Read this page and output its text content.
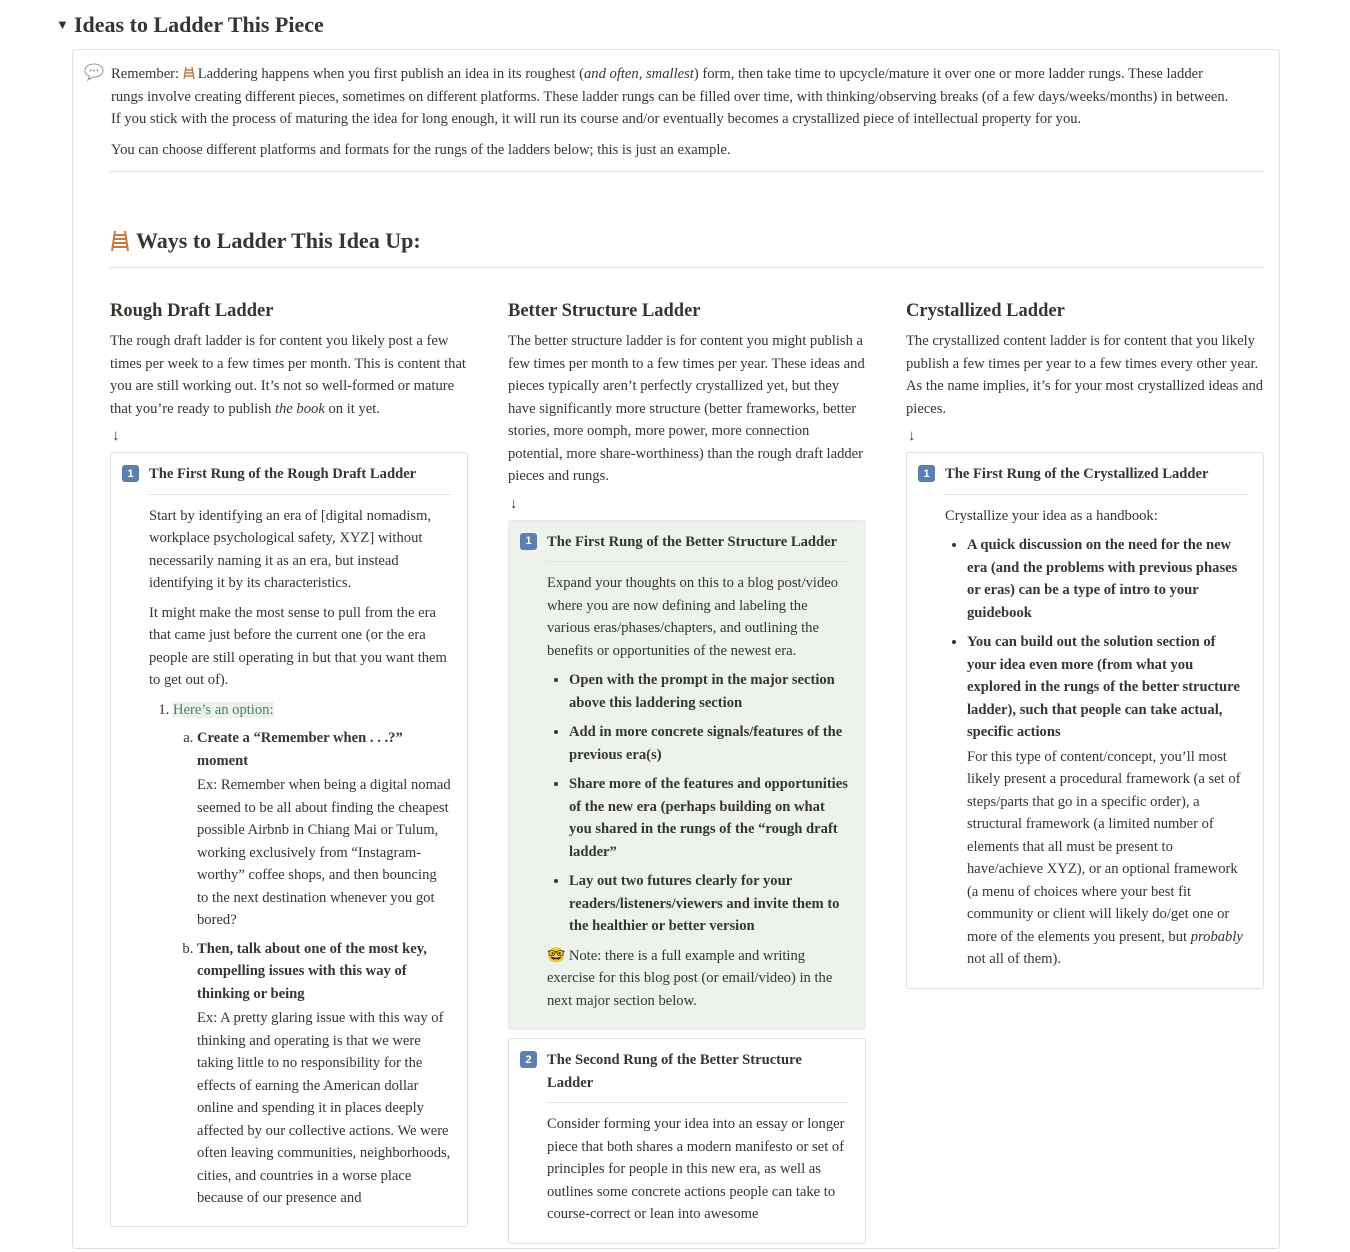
▼ Ideas to Ladder This Piece

Remember: Laddering happens when you first publish an idea in its roughest (and often, smallest) form, then take time to upcycle/mature it over one or more ladder rungs. These ladder rungs involve creating different pieces, sometimes on different platforms. These ladder rungs can be filled over time, with thinking/observing breaks (of a few days/weeks/months) in between. If you stick with the process of maturing the idea for long enough, it will run its course and/or eventually becomes a crystallized piece of intellectual property for you.

You can choose different platforms and formats for the rungs of the ladders below; this is just an example.

Ways to Ladder This Idea Up:
Rough Draft Ladder

The rough draft ladder is for content you likely post a few times per week to a few times per month. This is content that you are still working out. It’s not so well-formed or mature that you’re ready to publish the book on it yet.

↓
1	The First Rung of the Rough Draft Ladder

Start by identifying an era of [digital nomadism, workplace psychological safety, XYZ] without necessarily naming it as an era, but instead identifying it by its characteristics.

It might make the most sense to pull from the era that came just before the current one (or the era people are still operating in but that you want them to get out of).

1. Here’s an option:
a. Create a “Remember when . . .?” moment
Ex: Remember when being a digital nomad seemed to be all about finding the cheapest possible Airbnb in Chiang Mai or Tulum, working exclusively from “Instagram-worthy” coffee shops, and then bouncing to the next destination whenever you got bored?
b. Then, talk about one of the most key, compelling issues with this way of thinking or being
Ex: A pretty glaring issue with this way of thinking and operating is that we were taking little to no responsibility for the effects of earning the American dollar online and spending it in places deeply affected by our collective actions. We were often leaving communities, neighborhoods, cities, and countries in a worse place because of our presence and
Better Structure Ladder

The better structure ladder is for content you might publish a few times per month to a few times per year. These ideas and pieces typically aren’t perfectly crystallized yet, but they have significantly more structure (better frameworks, better stories, more oomph, more power, more connection potential, more share-worthiness) than the rough draft ladder pieces and rungs.

↓
1	The First Rung of the Better Structure Ladder

Expand your thoughts on this to a blog post/video where you are now defining and labeling the various eras/phases/chapters, and outlining the benefits or opportunities of the newest era.

• Open with the prompt in the major section above this laddering section
• Add in more concrete signals/features of the previous era(s)
• Share more of the features and opportunities of the new era (perhaps building on what you shared in the rungs of the “rough draft ladder”
• Lay out two futures clearly for your readers/listeners/viewers and invite them to the healthier or better version

🤓 Note: there is a full example and writing exercise for this blog post (or email/video) in the next major section below.

2	The Second Rung of the Better Structure Ladder

Consider forming your idea into an essay or longer piece that both shares a modern manifesto or set of principles for people in this new era, as well as outlines some concrete actions people can take to course-correct or lean into awesome

Crystallized Ladder

The crystallized content ladder is for content that you likely publish a few times per year to a few times every other year. As the name implies, it’s for your most crystallized ideas and pieces.

↓
1	The First Rung of the Crystallized Ladder

Crystallize your idea as a handbook:

• A quick discussion on the need for the new era (and the problems with previous phases or eras) can be a type of intro to your guidebook
• You can build out the solution section of your idea even more (from what you explored in the rungs of the better structure ladder), such that people can take actual, specific actions
For this type of content/concept, you’ll most likely present a procedural framework (a set of steps/parts that go in a specific order), a structural framework (a limited number of elements that all must be present to have/achieve XYZ), or an optional framework (a menu of choices where your best fit community or client will likely do/get one or more of the elements you present, but probably not all of them).
